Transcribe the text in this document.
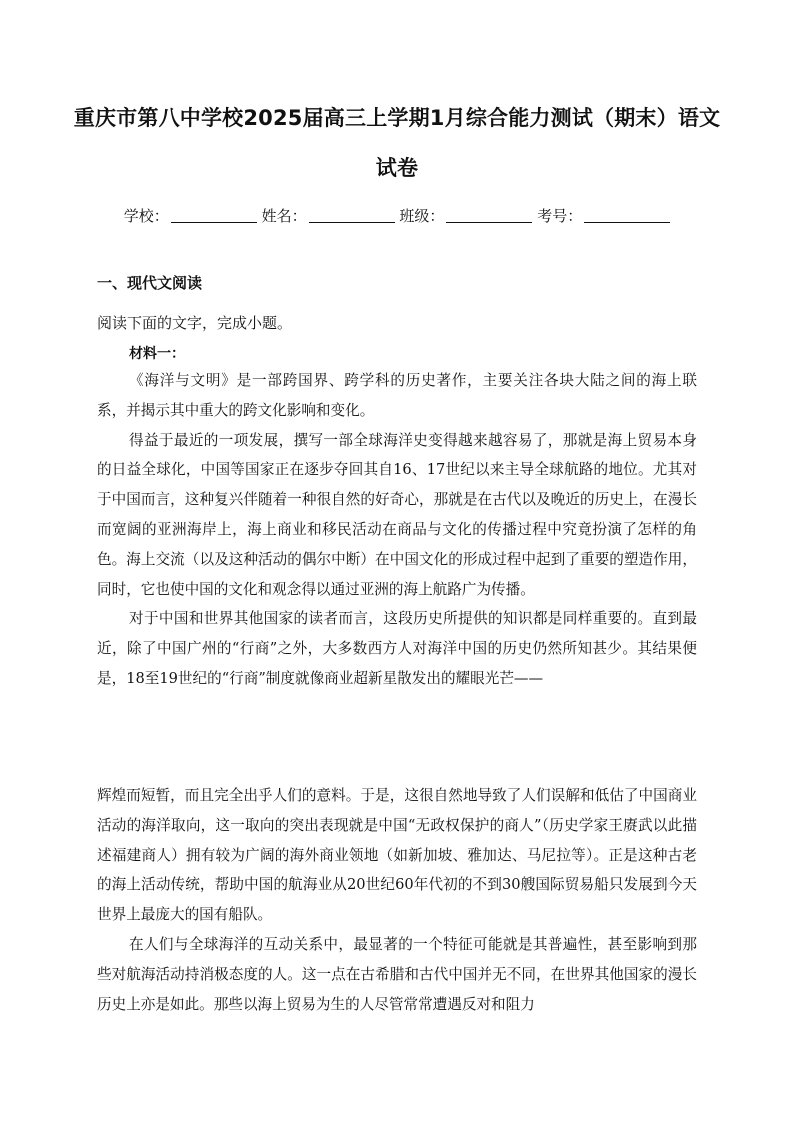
重庆市第八中学校2025届高三上学期1月综合能力测试（期末）语文
试卷
学校：	姓名：	班级：	考号：
一、现代文阅读
阅读下面的文字，完成小题。
材料一：

《海洋与文明》是一部跨国界、跨学科的历史著作，主要关注各块大陆之间的海上联系，并揭示其中重大的跨文化影响和变化。

得益于最近的一项发展，撰写一部全球海洋史变得越来越容易了，那就是海上贸易本身的日益全球化，中国等国家正在逐步夺回其自16、17世纪以来主导全球航路的地位。尤其对于中国而言，这种复兴伴随着一种很自然的好奇心，那就是在古代以及晚近的历史上，在漫长而宽阔的亚洲海岸上，海上商业和移民活动在商品与文化的传播过程中究竟扮演了怎样的角色。海上交流（以及这种活动的偶尔中断）在中国文化的形成过程中起到了重要的塑造作用，同时，它也使中国的文化和观念得以通过亚洲的海上航路广为传播。

对于中国和世界其他国家的读者而言，这段历史所提供的知识都是同样重要的。直到最近，除了中国广州的“行商”之外，大多数西方人对海洋中国的历史仍然所知甚少。其结果便是，18至19世纪的“行商”制度就像商业超新星散发出的耀眼光芒——

辉煌而短暂，而且完全出乎人们的意料。于是，这很自然地导致了人们误解和低估了中国商业活动的海洋取向，这一取向的突出表现就是中国“无政权保护的商人”（历史学家王赓武以此描述福建商人）拥有较为广阔的海外商业领地（如新加坡、雅加达、马尼拉等）。正是这种古老的海上活动传统，帮助中国的航海业从20世纪60年代初的不到30艘国际贸易船只发展到今天世界上最庞大的国有船队。

在人们与全球海洋的互动关系中，最显著的一个特征可能就是其普遍性，甚至影响到那些对航海活动持消极态度的人。这一点在古希腊和古代中国并无不同，在世界其他国家的漫长历史上亦是如此。那些以海上贸易为生的人尽管常常遭遇反对和阻力
